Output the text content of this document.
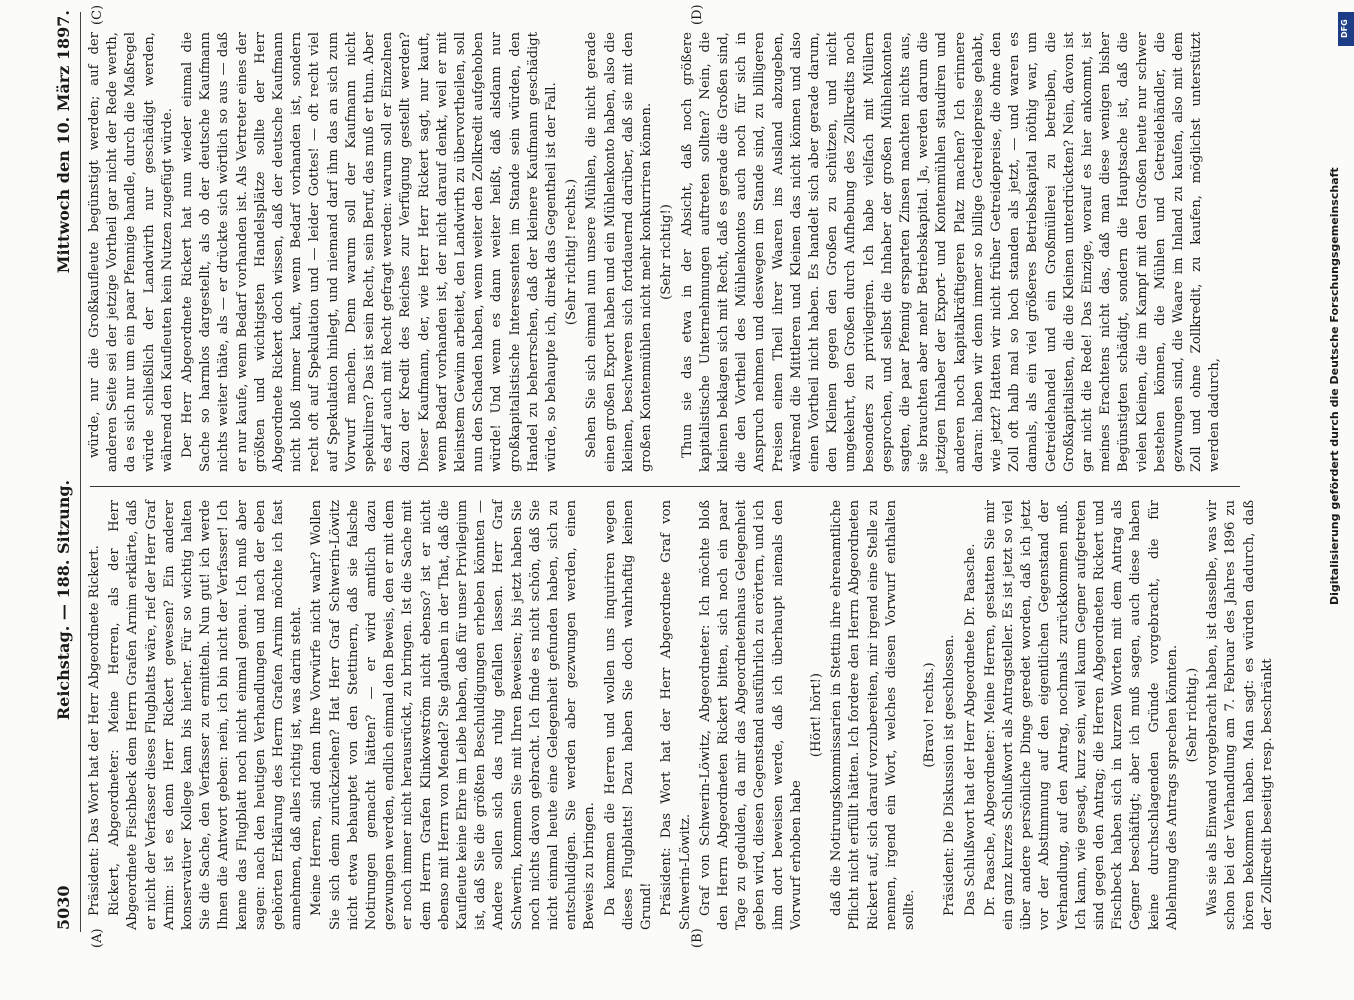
5030
Reichstag. — 188. Sitzung.
Mittwoch den 10. März 1897.
(A)	(B)
(C)	(D)

Präsident: Das Wort hat der Herr Abgeordnete Rickert. Rickert, Abgeordneter: Meine Herren, als der Herr Abgeordnete Fischbeck dem Herrn Grafen Arnim erklärte, daß er nicht der Verfasser dieses Flugblatts wäre, rief der Herr Graf Arnim: ist es denn Herr Rickert gewesen? Ein anderer konservativer Kollege kam bis hierher. Für so wichtig halten Sie die Sache, den Verfasser zu ermitteln. Nun gut! ich werde Ihnen die Antwort geben: nein, ich bin nicht der Verfasser! Ich kenne das Flugblatt noch nicht einmal genau. Ich muß aber sagen: nach den heutigen Verhandlungen und nach der eben gehörten Erklärung des Herrn Grafen Arnim möchte ich fast annehmen, daß alles richtig ist, was darin steht. Meine Herren, sind denn Ihre Vorwürfe nicht wahr? Wollen Sie sich denn zurückziehen? Hat Herr Graf Schwerin-Löwitz nicht etwa behauptet von den Stettinern, daß sie falsche Notirungen gemacht hätten? — er wird amtlich dazu gezwungen werden, endlich einmal den Beweis, den er mit dem er noch immer nicht herausrückt, zu bringen. Ist die Sache mit dem Herrn Grafen Klinkowström nicht ebenso? ist er nicht ebenso mit Herrn von Mendel? Sie glauben in der That, daß die Kaufleute keine Ehre im Leibe haben, daß für unser Privilegium ist, daß Sie die größten Beschuldigungen erheben könnten — Andere sollen sich das ruhig gefallen lassen. Herr Graf Schwerin, kommen Sie mit Ihren Beweisen; bis jetzt haben Sie noch nichts davon gebracht. Ich finde es nicht schön, daß Sie nicht einmal heute eine Gelegenheit gefunden haben, sich zu entschuldigen. Sie werden aber gezwungen werden, einen Beweis zu bringen. Da kommen die Herren und wollen uns inquiriren wegen dieses Flugblatts! Dazu haben Sie doch wahrhaftig keinen Grund! Präsident: Das Wort hat der Herr Abgeordnete Graf von Schwerin-Löwitz. Graf von Schwerin-Löwitz, Abgeordneter: Ich möchte bloß den Herrn Abgeordneten Rickert bitten, sich noch ein paar Tage zu gedulden, da mir das Abgeordnetenhaus Gelegenheit geben wird, diesen Gegenstand ausführlich zu erörtern, und ich ihm dort beweisen werde, daß ich überhaupt niemals den Vorwurf erhoben habe

(Hört! hört!) daß die Notirungskommissarien in Stettin ihre ehrenamtliche Pflicht nicht erfüllt hätten. Ich fordere den Herrn Abgeordneten Rickert auf, sich darauf vorzubereiten, mir irgend eine Stelle zu nennen, irgend ein Wort, welches diesen Vorwurf enthalten sollte.

(Bravo! rechts.) Präsident: Die Diskussion ist geschlossen. Das Schlußwort hat der Herr Abgeordnete Dr. Paasche. Dr. Paasche, Abgeordneter: Meine Herren, gestatten Sie mir ein ganz kurzes Schlußwort als Antragsteller. Es ist jetzt so viel über andere persönliche Dinge geredet worden, daß ich jetzt vor der Abstimmung auf den eigentlichen Gegenstand der Verhandlung, auf den Antrag, nochmals zurückkommen muß. Ich kann, wie gesagt, kurz sein, weil kaum Gegner aufgetreten sind gegen den Antrag; die Herren Abgeordneten Rickert und Fischbeck haben sich in kurzen Worten mit dem Antrag als Gegner beschäftigt; aber ich muß sagen, auch diese haben keine durchschlagenden Gründe vorgebracht, die für Ablehnung des Antrags sprechen könnten. (Sehr richtig.) Was sie als Einwand vorgebracht haben, ist dasselbe, was wir schon bei der Verhandlung am 7. Februar des Jahres 1896 zu hören bekommen haben. Man sagt: es würden dadurch, daß der Zollkredit beseitigt resp. beschränkt

würde, nur die Großkaufleute begünstigt werden; auf der anderen Seite sei der jetzige Vortheil gar nicht der Rede werth, da es sich nur um ein paar Pfennige handle, durch die Maßregel würde schließlich der Landwirth nur geschädigt werden, während den Kaufleuten kein Nutzen zugefügt würde. Der Herr Abgeordnete Rickert hat nun wieder einmal die Sache so harmlos dargestellt, als ob der deutsche Kaufmann nichts weiter thäte, als — er drückte sich wörtlich so aus — daß er nur kaufe, wenn Bedarf vorhanden ist. Als Vertreter eines der größten und wichtigsten Handelsplätze sollte der Herr Abgeordnete Rickert doch wissen, daß der deutsche Kaufmann nicht bloß immer kauft, wenn Bedarf vorhanden ist, sondern recht oft auf Spekulation und — leider Gottes! — oft recht viel auf Spekulation hinlegt, und niemand darf ihm das an sich zum Vorwurf machen. Denn warum soll der Kaufmann nicht spekuliren? Das ist sein Recht, sein Beruf, das muß er thun. Aber es darf auch mit Recht gefragt werden: warum soll er Einzelnen dazu der Kredit des Reiches zur Verfügung gestellt werden? Dieser Kaufmann, der, wie Herr Herr Rickert sagt, nur kauft, wenn Bedarf vorhanden ist, der nicht darauf denkt, weil er mit kleinstem Gewinn arbeitet, den Landwirth zu übervortheilen, soll nun den Schaden haben, wenn weiter den Zollkredit aufgehoben würde! Und wenn es dann weiter heißt, daß alsdann nur großkapitalistische Interessenten im Stande sein würden, den Handel zu beherrschen, daß der kleinere Kaufmann geschädigt würde, so behaupte ich, direkt das Gegentheil ist der Fall. (Sehr richtig! rechts.) Sehen Sie sich einmal nun unsere Mühlen, die nicht gerade einen großen Export haben und ein Mühlenkonto haben, also die kleinen, beschweren sich fortdauernd darüber, daß sie mit den großen Kontenmühlen nicht mehr konkurriren können. (Sehr richtig!) Thun sie das etwa in der Absicht, daß noch größere kapitalistische Unternehmungen auftreten sollten? Nein, die kleinen beklagen sich mit Recht, daß es gerade die Großen sind, die den Vortheil des Mühlenkontos auch noch für sich in Anspruch nehmen und deswegen im Stande sind, zu billigeren Preisen einen Theil ihrer Waaren ins Ausland abzugeben, während die Mittleren und Kleinen das nicht können und also einen Vortheil nicht haben. Es handelt sich aber gerade darum, den Kleinen gegen den Großen zu schützen, und nicht umgekehrt, den Großen durch Aufhebung des Zollkredits noch besonders zu privilegiren. Ich habe vielfach mit Müllern gesprochen, und selbst die Inhaber der großen Mühlenkonten sagten, die paar Pfennig ersparten Zinsen machten nichts aus, sie brauchten aber mehr Betriebskapital. Ja, werden darum die jetzigen Inhaber der Export- und Kontenmühlen staudiren und anderen noch kapitalkräftigeren Platz machen? Ich erinnere daran: haben wir denn immer so billige Getreidepreise gehabt, wie jetzt? Hatten wir nicht früher Getreidepreise, die ohne den Zoll oft halb mal so hoch standen als jetzt, — und waren es damals, als ein viel größeres Betriebskapital nöthig war, um Getreidehandel und ein Großmüllerei zu betreiben, die Großkapitalisten, die die Kleinen unterdrückten? Nein, davon ist gar nicht die Rede! Das Einzige, worauf es hier ankommt, ist meines Erachtens nicht das, daß man diese wenigen bisher Begünstigten schädigt, sondern die Hauptsache ist, daß die vielen Kleinen, die im Kampf mit den Großen heute nur schwer bestehen können, die Mühlen und Getreidehändler, die gezwungen sind, die Waare im Inland zu kaufen, also mit dem Zoll und ohne Zollkredit, zu kaufen, möglichst unterstützt werden dadurch,	Digitalisierung gefördert durch die Deutsche Forschungsgemeinschaft
DFG
